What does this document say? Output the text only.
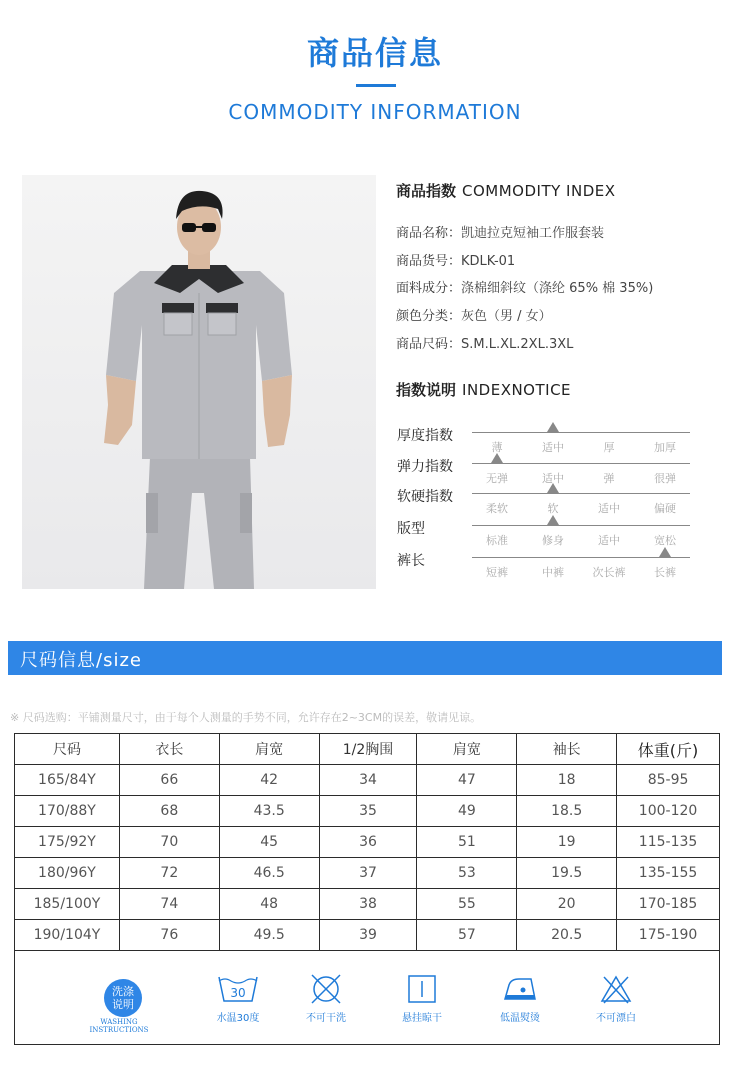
商品信息
COMMODITY INFORMATION
商品指数 COMMODITY INDEX
商品名称：凯迪拉克短袖工作服套装
商品货号：KDLK-01
面料成分：涤棉细斜纹（涤纶 65% 棉 35%)
颜色分类：灰色（男 / 女）
商品尺码：S.M.L.XL.2XL.3XL
指数说明 INDEXNOTICE
厚度指数
薄	适中	厚	加厚
弹力指数
无弹	适中	弹	很弹
软硬指数
柔软	软	适中	偏硬
版型
标准	修身	适中	宽松
裤长
短裤	中裤	次长裤	长裤
尺码信息/size
※ 尺码选购：平铺测量尺寸，由于每个人测量的手势不同，允许存在2~3CM的误差，敬请见谅。
尺码	衣长	肩宽	1/2胸围	肩宽	袖长	体重(斤)
165/84Y	66	42	34	47	18	85-95
170/88Y	68	43.5	35	49	18.5	100-120
175/92Y	70	45	36	51	19	115-135
180/96Y	72	46.5	37	53	19.5	135-155
185/100Y	74	48	38	55	20	170-185
190/104Y	76	49.5	39	57	20.5	175-190
洗涤
说明
WASHING INSTRUCTIONS
30
水温30度	不可干洗	悬挂晾干	低温熨烫	不可漂白
